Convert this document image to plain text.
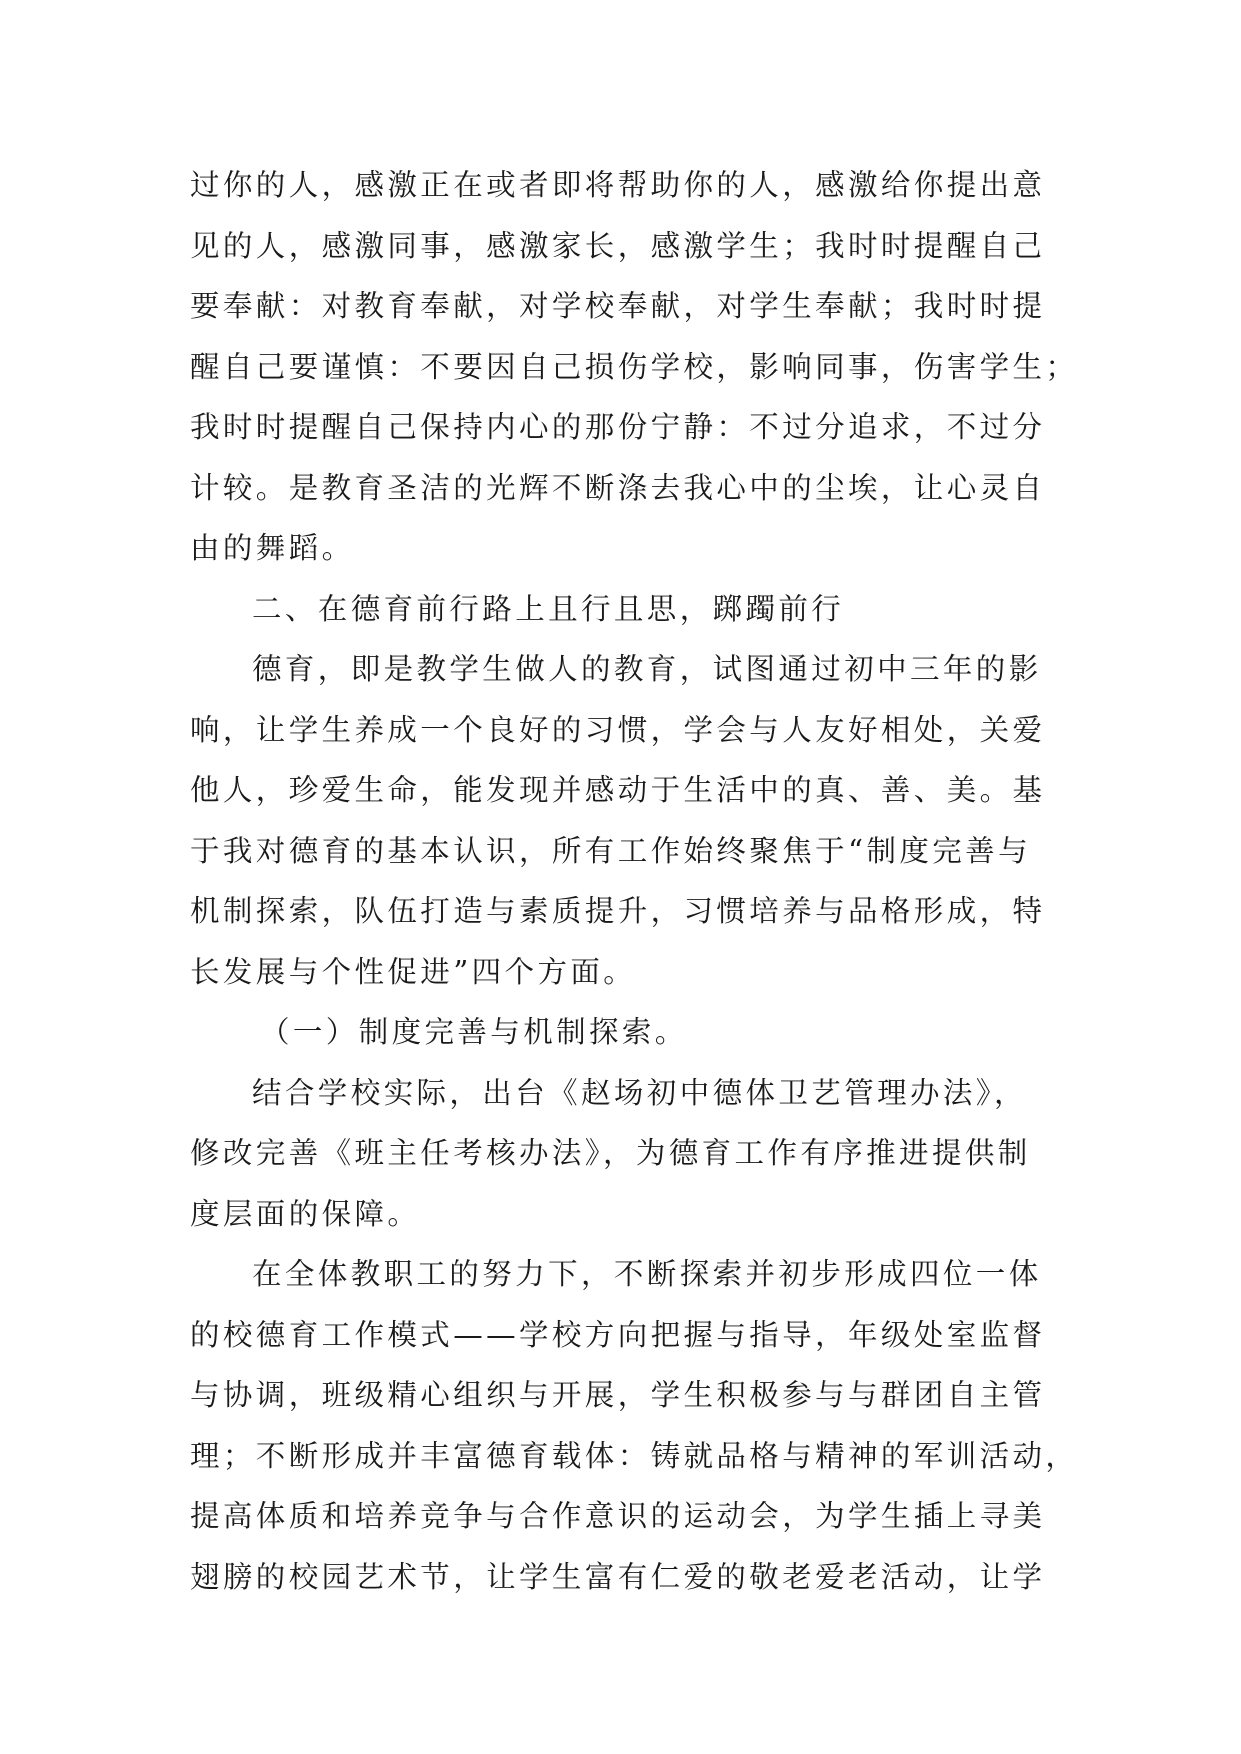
过你的人，感激正在或者即将帮助你的人，感激给你提出意
见的人，感激同事，感激家长，感激学生；我时时提醒自己
要奉献：对教育奉献，对学校奉献，对学生奉献；我时时提
醒自己要谨慎：不要因自己损伤学校，影响同事，伤害学生；
我时时提醒自己保持内心的那份宁静：不过分追求，不过分
计较。是教育圣洁的光辉不断涤去我心中的尘埃，让心灵自
由的舞蹈。
二、在德育前行路上且行且思，踯躅前行
德育，即是教学生做人的教育，试图通过初中三年的影
响，让学生养成一个良好的习惯，学会与人友好相处，关爱
他人，珍爱生命，能发现并感动于生活中的真、善、美。基
于我对德育的基本认识，所有工作始终聚焦于“制度完善与
机制探索，队伍打造与素质提升，习惯培养与品格形成，特
长发展与个性促进”四个方面。
（一）制度完善与机制探索。
结合学校实际，出台《赵场初中德体卫艺管理办法》，
修改完善《班主任考核办法》，为德育工作有序推进提供制
度层面的保障。
在全体教职工的努力下，不断探索并初步形成四位一体
的校德育工作模式——学校方向把握与指导，年级处室监督
与协调，班级精心组织与开展，学生积极参与与群团自主管
理；不断形成并丰富德育载体：铸就品格与精神的军训活动，
提高体质和培养竞争与合作意识的运动会，为学生插上寻美
翅膀的校园艺术节，让学生富有仁爱的敬老爱老活动，让学
